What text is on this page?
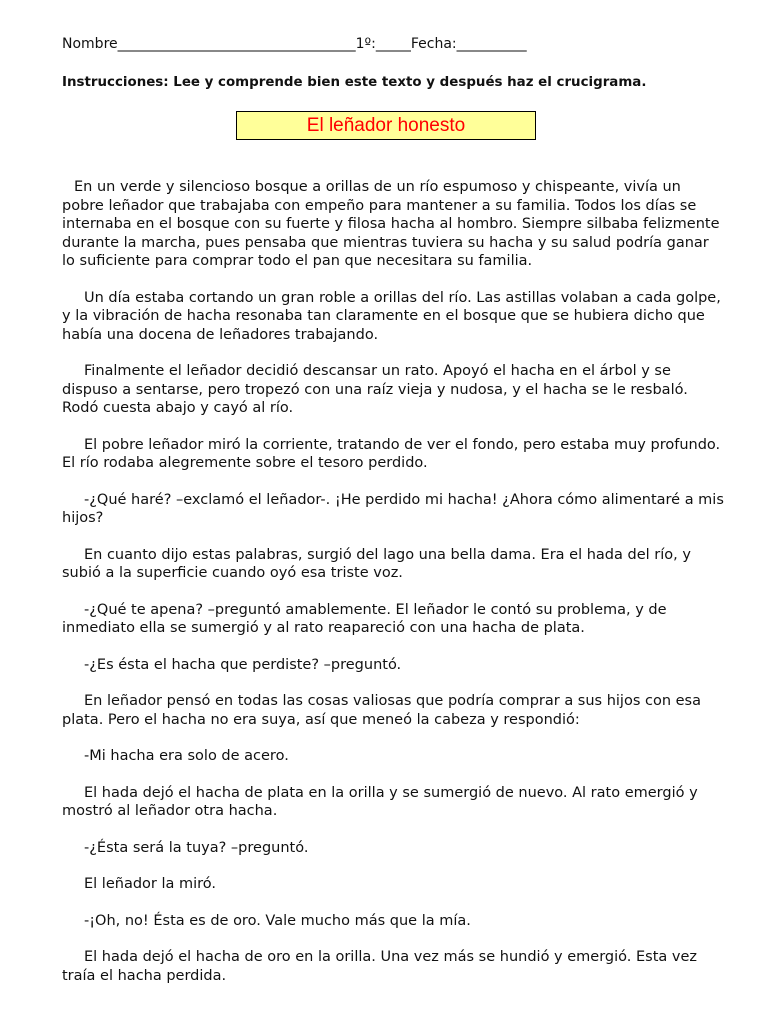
Nombre__________________________________1º:_____Fecha:__________
Instrucciones: Lee y comprende bien este texto y después haz el crucigrama.
El leñador honesto

En un verde y silencioso bosque a orillas de un río espumoso y chispeante, vivía un pobre leñador que trabajaba con empeño para mantener a su familia. Todos los días se internaba en el bosque con su fuerte y filosa hacha al hombro. Siempre silbaba felizmente durante la marcha, pues pensaba que mientras tuviera su hacha y su salud podría ganar lo suficiente para comprar todo el pan que necesitara su familia.

Un día estaba cortando un gran roble a orillas del río. Las astillas volaban a cada golpe, y la vibración de hacha resonaba tan claramente en el bosque que se hubiera dicho que había una docena de leñadores trabajando.

Finalmente el leñador decidió descansar un rato. Apoyó el hacha en el árbol y se dispuso a sentarse, pero tropezó con una raíz vieja y nudosa, y el hacha se le resbaló. Rodó cuesta abajo y cayó al río.

El pobre leñador miró la corriente, tratando de ver el fondo, pero estaba muy profundo. El río rodaba alegremente sobre el tesoro perdido.

-¿Qué haré? –exclamó el leñador-. ¡He perdido mi hacha! ¿Ahora cómo alimentaré a mis hijos?

En cuanto dijo estas palabras, surgió del lago una bella dama. Era el hada del río, y subió a la superficie cuando oyó esa triste voz.

-¿Qué te apena? –preguntó amablemente. El leñador le contó su problema, y de inmediato ella se sumergió y al rato reapareció con una hacha de plata.

-¿Es ésta el hacha que perdiste? –preguntó.

En leñador pensó en todas las cosas valiosas que podría comprar a sus hijos con esa plata. Pero el hacha no era suya, así que meneó la cabeza y respondió:

-Mi hacha era solo de acero.

El hada dejó el hacha de plata en la orilla y se sumergió de nuevo. Al rato emergió y mostró al leñador otra hacha.

-¿Ésta será la tuya? –preguntó.

El leñador la miró.

-¡Oh, no! Ésta es de oro. Vale mucho más que la mía.

El hada dejó el hacha de oro en la orilla. Una vez más se hundió y emergió. Esta vez traía el hacha perdida.
